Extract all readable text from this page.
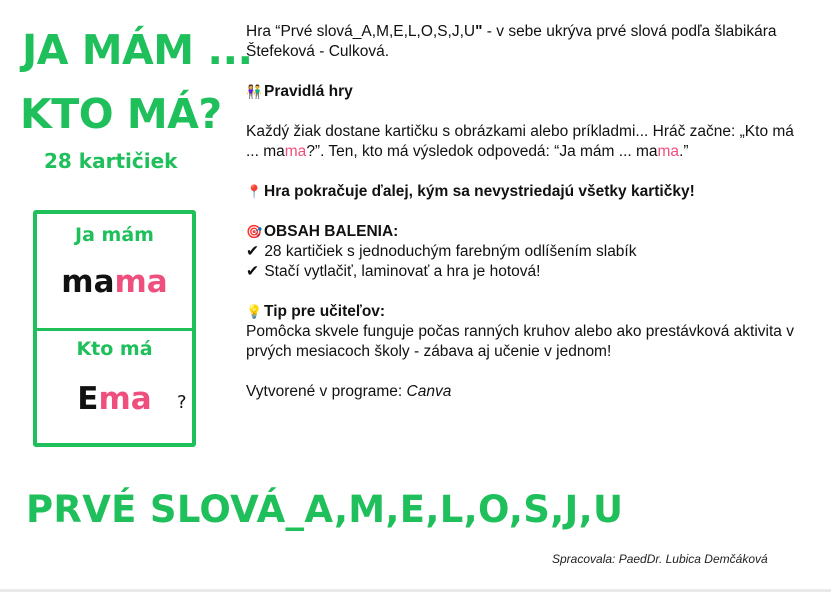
JA MÁM ...
KTO MÁ?
28 kartičiek
Ja mám
mama
Kto má
Ema	?

Hra “Prvé slová_A,M,E,L,O,S,J,U" - v sebe ukrýva prvé slová podľa šlabikára Štefeková - Culková.

👫 Pravidlá hry

Každý žiak dostane kartičku s obrázkami alebo príkladmi... Hráč začne: „Kto má ... mama?”. Ten, kto má výsledok odpovedá: “Ja mám ... mama.”

📍 Hra pokračuje ďalej, kým sa nevystriedajú všetky kartičky!

🎯 OBSAH BALENIA:

✔ 28 kartičiek s jednoduchým farebným odlíšením slabík

✔ Stačí vytlačiť, laminovať a hra je hotová!

💡 Tip pre učiteľov:

Pomôcka skvele funguje počas ranných kruhov alebo ako prestávková aktivita v prvých mesiacoch školy - zábava aj učenie v jednom!

Vytvorené v programe: Canva

PRVÉ SLOVÁ_A,M,E,L,O,S,J,U
Spracovala: PaedDr. Lubica Demčáková
